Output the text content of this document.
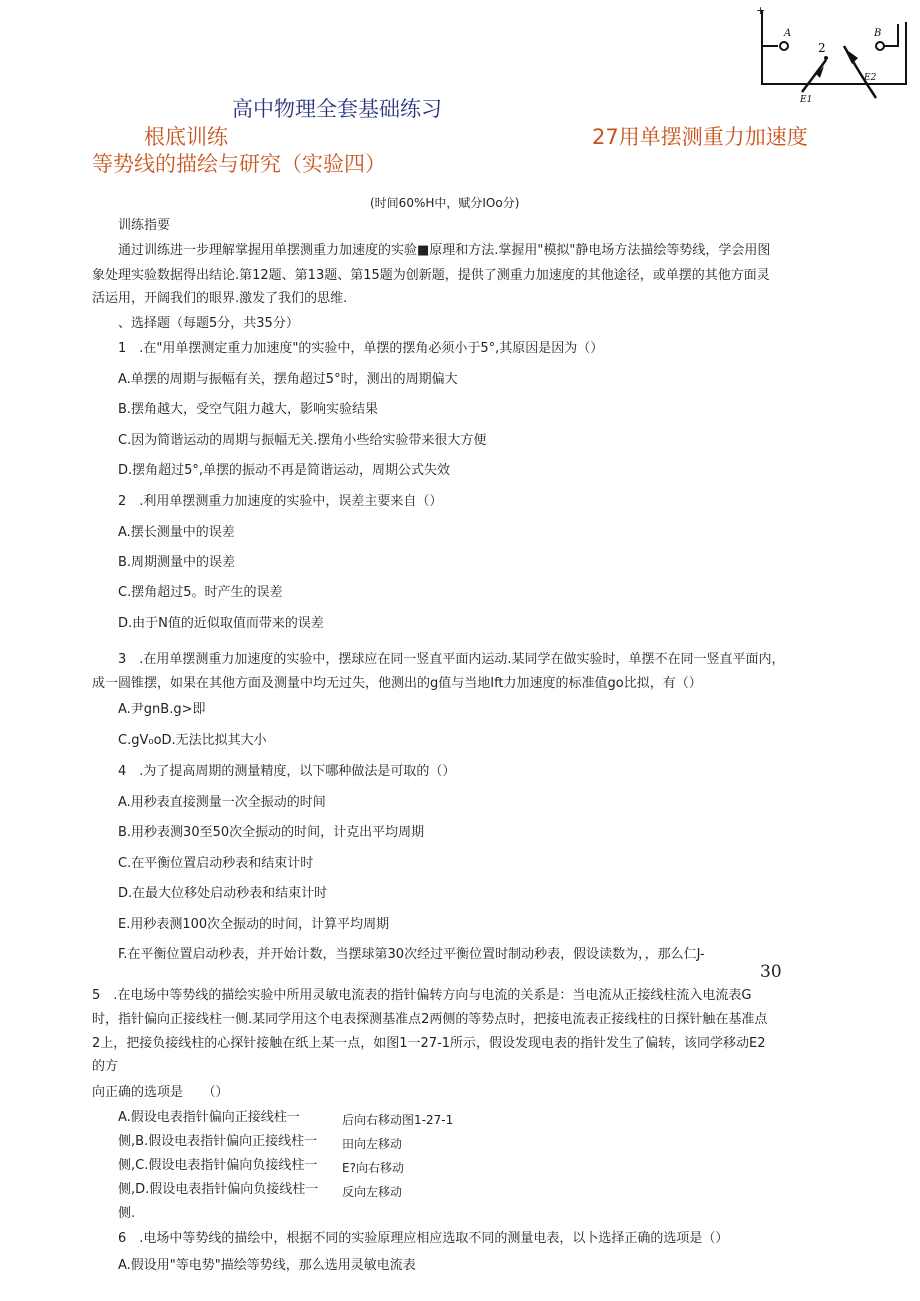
+
A	B
2
E1
E2
高中物理全套基础练习
根底训练	27用单摆测重力加速度
等势线的描绘与研究（实验四）
(时间60%H中，赋分IOo分)
训练指要
通过训练进一步理解掌握用单摆测重力加速度的实验■原理和方法.掌握用"模拟"静电场方法描绘等势线，学会用图
象处理实验数据得出结论.第12题、第13题、第15题为创新题，提供了测重力加速度的其他途径，或单摆的其他方面灵
活运用，开阔我们的眼界.激发了我们的思维.
、选择题（每题5分，共35分）
1　.在"用单摆测定重力加速度"的实验中，单摆的摆角必须小于5°,其原因是因为（）
A.单摆的周期与振幅有关，摆角超过5°时，测出的周期偏大
B.摆角越大，受空气阻力越大，影响实验结果
C.因为简谐运动的周期与振幅无关.摆角小些给实验带来很大方便
D.摆角超过5°,单摆的振动不再是简谐运动，周期公式失效
2　.利用单摆测重力加速度的实验中，误差主要来自（）
A.摆长测量中的误差
B.周期测量中的误差
C.摆角超过5。时产生的误差
D.由于N值的近似取值而带来的误差
3　.在用单摆测重力加速度的实验中，摆球应在同一竖直平面内运动.某同学在做实验时，单摆不在同一竖直平面内，
成一圆锥摆，如果在其他方面及测量中均无过失，他测出的g值与当地Ift力加速度的标准值go比拟，有（）
A.尹gnB.g>即
C.gV₀oD.无法比拟其大小
4　.为了提高周期的测量精度，以下哪种做法是可取的（）
A.用秒表直接测量一次全振动的时间
B.用秒表测30至50次全振动的时间，计克出平均周期
C.在平衡位置启动秒表和结束计时
D.在最大位移处启动秒表和结束计时
E.用秒表测100次全振动的时间，计算平均周期
F.在平衡位置启动秒表，并开始计数，当摆球第30次经过平衡位置时制动秒表，假设读数为，，那么仁J-
30
5　.在电场中等势线的描绘实验中所用灵敏电流表的指针偏转方向与电流的关系是：当电流从正接线柱流入电流表G
时，指针偏向正接线柱一侧.某同学用这个电表探测基准点2两侧的等势点时，把接电流表正接线柱的日探针触在基准点
2上，把接负接线柱的心探针接触在纸上某一点，如图1一27-1所示，假设发现电表的指针发生了偏转，该同学移动E2
的方
向正确的选项是　　（）
A.假设电表指针偏向正接线柱一	后向右移动图1-27-1
侧,B.假设电表指针偏向正接线柱一 田向左移动
侧,C.假设电表指针偏向负接线柱一 E?向右移动
侧,D.假设电表指针偏向负接线柱一 反向左移动
侧.
6　.电场中等势线的描绘中，根据不同的实验原理应相应选取不同的测量电表，以卜选择正确的选项是（）
A.假设用"等电势"描绘等势线，那么选用灵敏电流表
